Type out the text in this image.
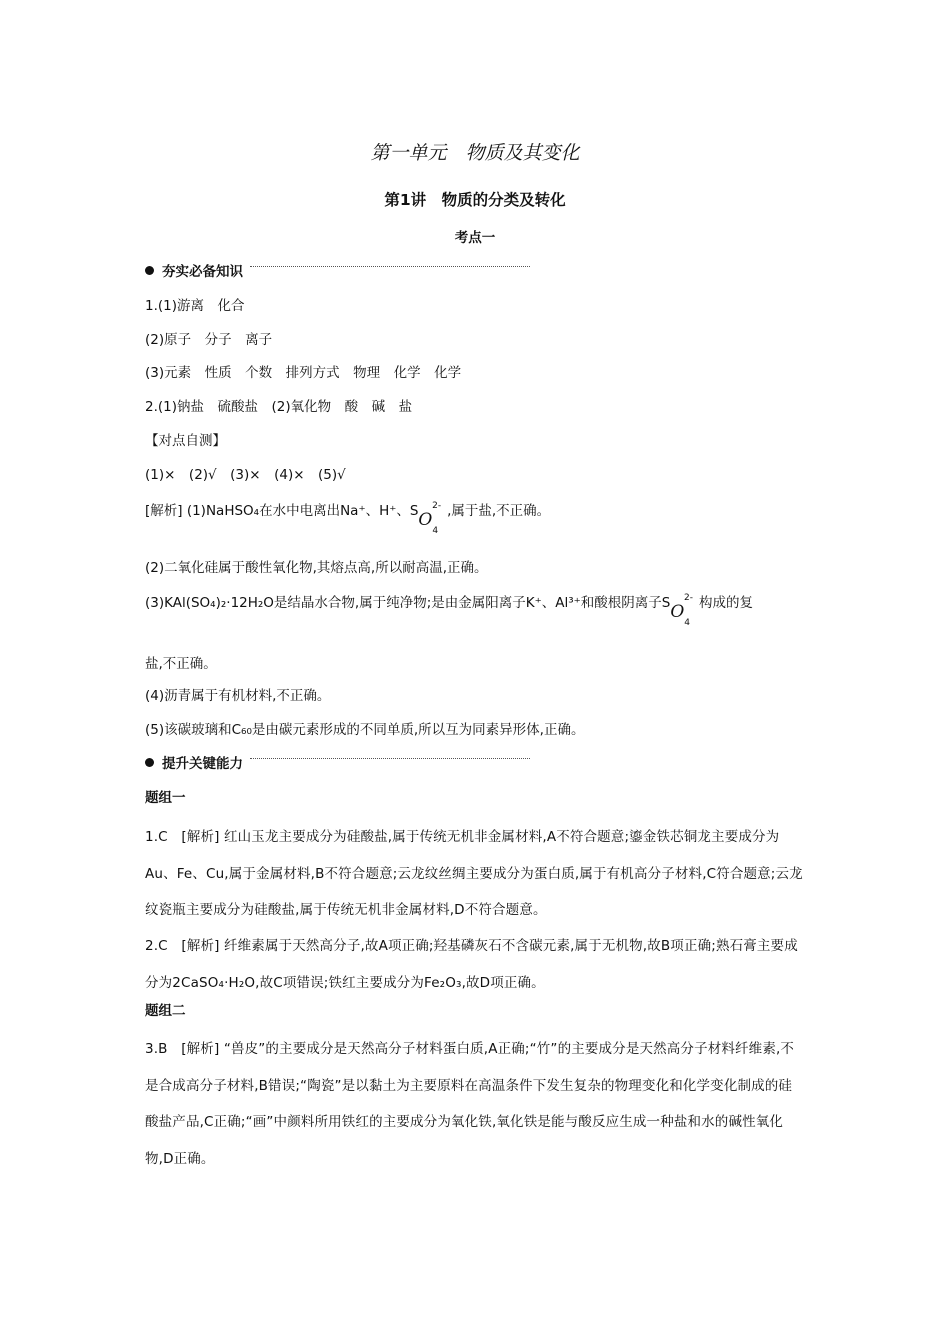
第一单元　物质及其变化
第1讲　物质的分类及转化
考点一
夯实必备知识
1.(1)游离　化合
(2)原子　分子　离子
(3)元素　性质　个数　排列方式　物理　化学　化学
2.(1)钠盐　硫酸盐　(2)氧化物　酸　碱　盐
【对点自测】
(1)×　(2)√　(3)×　(4)×　(5)√
[解析] (1)NaHSO₄在水中电离出Na⁺、H⁺、$SO_4^{2-}$ ,属于盐,不正确。
(2)二氧化硅属于酸性氧化物,其熔点高,所以耐高温,正确。
(3)KAl(SO₄)₂·12H₂O是结晶水合物,属于纯净物;是由金属阳离子K⁺、Al³⁺和酸根阴离子$SO_4^{2-}$ 构成的复
盐,不正确。
(4)沥青属于有机材料,不正确。
(5)该碳玻璃和C₆₀是由碳元素形成的不同单质,所以互为同素异形体,正确。
提升关键能力
题组一
1.C　[解析] 红山玉龙主要成分为硅酸盐,属于传统无机非金属材料,A不符合题意;鎏金铁芯铜龙主要成分为Au、Fe、Cu,属于金属材料,B不符合题意;云龙纹丝绸主要成分为蛋白质,属于有机高分子材料,C符合题意;云龙纹瓷瓶主要成分为硅酸盐,属于传统无机非金属材料,D不符合题意。
2.C　[解析] 纤维素属于天然高分子,故A项正确;羟基磷灰石不含碳元素,属于无机物,故B项正确;熟石膏主要成分为2CaSO₄·H₂O,故C项错误;铁红主要成分为Fe₂O₃,故D项正确。
题组二
3.B　[解析] “兽皮”的主要成分是天然高分子材料蛋白质,A正确;“竹”的主要成分是天然高分子材料纤维素,不是合成高分子材料,B错误;“陶瓷”是以黏土为主要原料在高温条件下发生复杂的物理变化和化学变化制成的硅酸盐产品,C正确;“画”中颜料所用铁红的主要成分为氧化铁,氧化铁是能与酸反应生成一种盐和水的碱性氧化物,D正确。
